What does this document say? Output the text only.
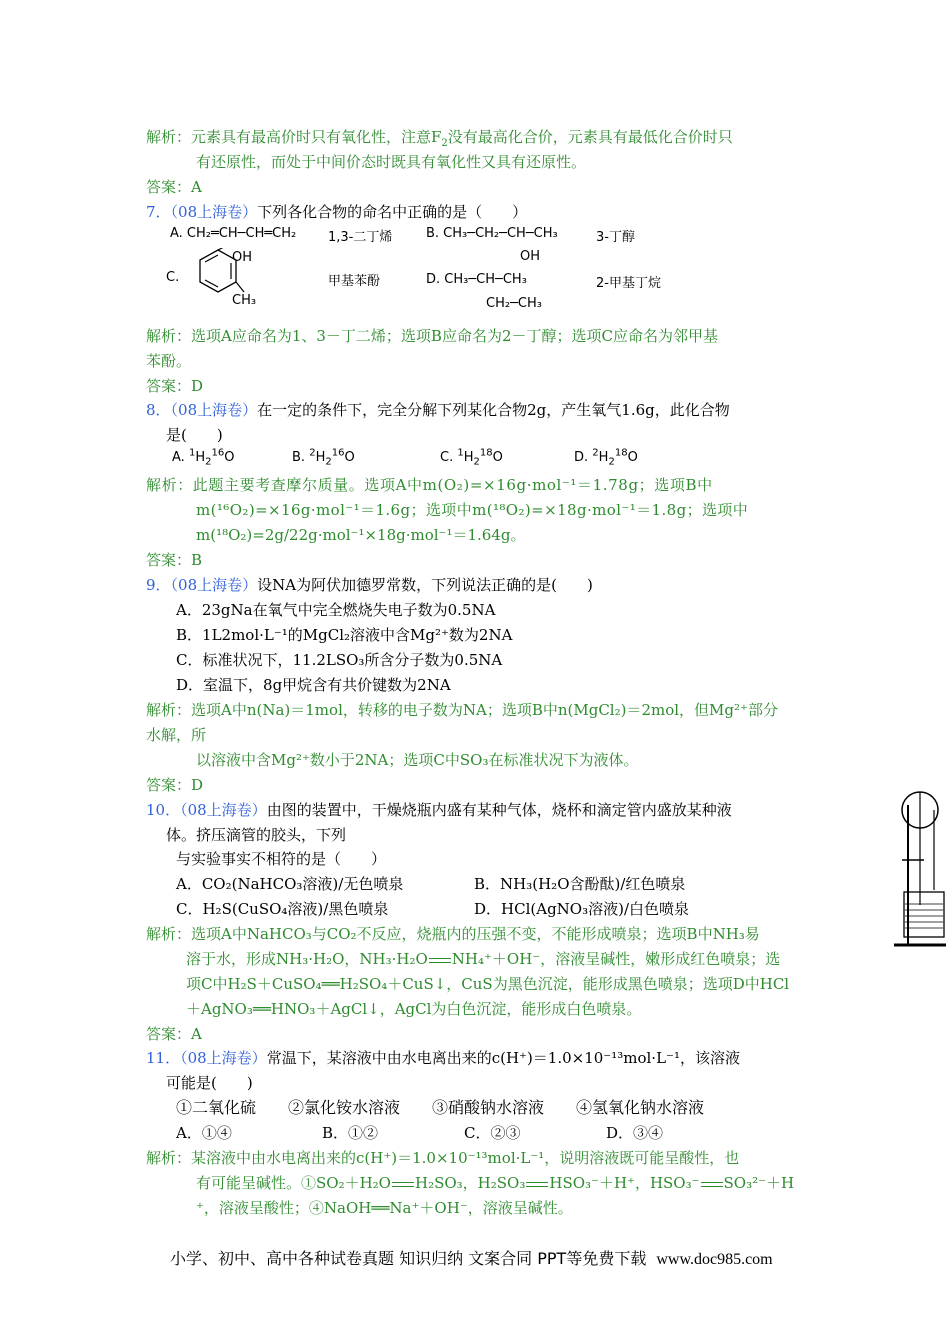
解析：元素具有最高价时只有氧化性，注意$F_2$没有最高化合价，元素具有最低化合价时只
有还原性，而处于中间价态时既具有氧化性又具有还原性。
答案：A
7．（08上海卷）下列各化合物的命名中正确的是（　　）
A. CH₂═CH─CH═CH₂ 1,3-二丁烯	B. CH₃─CH₂─CH─CH₃
OH
3-丁醇
C.
OH
CH₃
甲基苯酚	D. CH₃─CH─CH₃
CH₂─CH₃
2-甲基丁烷
解析：选项A应命名为1、3－丁二烯；选项B应命名为2－丁醇；选项C应命名为邻甲基
苯酚。
答案：D
8．（08上海卷）在一定的条件下，完全分解下列某化合物2g，产生氧气1.6g，此化合物
是(　　)
A. $^1H_2^{16}O$	B. $^2H_2^{16}O$	C. $^1H_2^{18}O$	D. $^2H_2^{18}O$
解析：此题主要考查摩尔质量。选项A中m(O₂)=×16g·mol⁻¹＝1.78g；选项B中
m(¹⁶O₂)=×16g·mol⁻¹＝1.6g；选项中m(¹⁸O₂)=×18g·mol⁻¹＝1.8g；选项中
m(¹⁸O₂)=2g/22g·mol⁻¹×18g·mol⁻¹＝1.64g。
答案：B
9．（08上海卷）设NA为阿伏加德罗常数，下列说法正确的是(　　)
A．23gNa在氧气中完全燃烧失电子数为0.5NA
B．1L2mol·L⁻¹的MgCl₂溶液中含Mg²⁺数为2NA
C．标准状况下，11.2LSO₃所含分子数为0.5NA
D．室温下，8g甲烷含有共价键数为2NA
解析：选项A中n(Na)＝1mol，转移的电子数为NA；选项B中n(MgCl₂)＝2mol，但Mg²⁺部分
水解，所
以溶液中含Mg²⁺数小于2NA；选项C中SO₃在标准状况下为液体。
答案：D
10．（08上海卷）由图的装置中，干燥烧瓶内盛有某种气体，烧杯和滴定管内盛放某种液
体。挤压滴管的胶头，下列
与实验事实不相符的是（　　）
A．CO₂(NaHCO₃溶液)/无色喷泉	B．NH₃(H₂O含酚酞)/红色喷泉
C．H₂S(CuSO₄溶液)/黑色喷泉	D．HCl(AgNO₃溶液)/白色喷泉
解析：选项A中NaHCO₃与CO₂不反应，烧瓶内的压强不变，不能形成喷泉；选项B中NH₃易
溶于水，形成NH₃·H₂O，NH₃·H₂O NH₄⁺＋OH⁻，溶液呈碱性，嫩形成红色喷泉；选
项C中H₂S＋CuSO₄══H₂SO₄＋CuS↓，CuS为黑色沉淀，能形成黑色喷泉；选项D中HCl
＋AgNO₃══HNO₃＋AgCl↓，AgCl为白色沉淀，能形成白色喷泉。
答案：A
11．（08上海卷）常温下，某溶液中由水电离出来的c(H⁺)＝1.0×10⁻¹³mol·L⁻¹，该溶液
可能是(　　)
①二氧化硫　　②氯化铵水溶液　　③硝酸钠水溶液　　④氢氧化钠水溶液
A．①④	B．①②	C．②③	D．③④
解析：某溶液中由水电离出来的c(H⁺)＝1.0×10⁻¹³mol·L⁻¹，说明溶液既可能呈酸性，也
有可能呈碱性。①SO₂＋H₂O H₂SO₃，H₂SO₃ HSO₃⁻＋H⁺，HSO₃⁻ SO₃²⁻＋H
⁺，溶液呈酸性；④NaOH══Na⁺＋OH⁻，溶液呈碱性。
小学、初中、高中各种试卷真题 知识归纳 文案合同 PPT等免费下载 www.doc985.com
